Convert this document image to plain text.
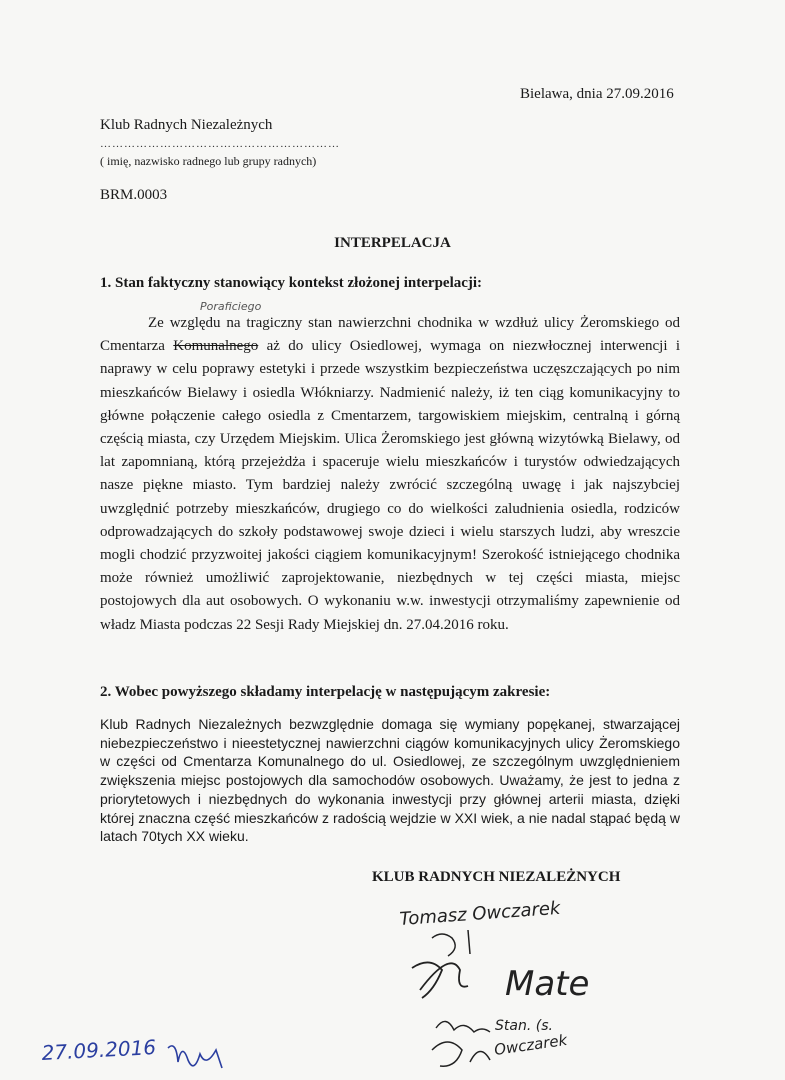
Bielawa, dnia 27.09.2016
Klub Radnych Niezależnych
……………………………………………………
( imię, nazwisko radnego lub grupy radnych)
BRM.0003
INTERPELACJA
1. Stan faktyczny stanowiący kontekst złożonej interpelacji:
Poraficiego
Ze względu na tragiczny stan nawierzchni chodnika w wzdłuż ulicy Żeromskiego od Cmentarza Komunalnego aż do ulicy Osiedlowej, wymaga on niezwłocznej interwencji i naprawy w celu poprawy estetyki i przede wszystkim bezpieczeństwa uczęszczających po nim mieszkańców Bielawy i osiedla Włókniarzy. Nadmienić należy, iż ten ciąg komunikacyjny to główne połączenie całego osiedla z Cmentarzem, targowiskiem miejskim, centralną i górną częścią miasta, czy Urzędem Miejskim. Ulica Żeromskiego jest główną wizytówką Bielawy, od lat zapomnianą, którą przejeżdża i spaceruje wielu mieszkańców i turystów odwiedzających nasze piękne miasto. Tym bardziej należy zwrócić szczególną uwagę i jak najszybciej uwzględnić potrzeby mieszkańców, drugiego co do wielkości zaludnienia osiedla, rodziców odprowadzających do szkoły podstawowej swoje dzieci i wielu starszych ludzi, aby wreszcie mogli chodzić przyzwoitej jakości ciągiem komunikacyjnym! Szerokość istniejącego chodnika może również umożliwić zaprojektowanie, niezbędnych w tej części miasta, miejsc postojowych dla aut osobowych. O wykonaniu w.w. inwestycji otrzymaliśmy zapewnienie od władz Miasta podczas 22 Sesji Rady Miejskiej dn. 27.04.2016 roku.
2. Wobec powyższego składamy interpelację w następującym zakresie:
Klub Radnych Niezależnych bezwzględnie domaga się wymiany popękanej, stwarzającej niebezpieczeństwo i nieestetycznej nawierzchni ciągów komunikacyjnych ulicy Żeromskiego w części od Cmentarza Komunalnego do ul. Osiedlowej, ze szczególnym uwzględnieniem zwiększenia miejsc postojowych dla samochodów osobowych. Uważamy, że jest to jedna z priorytetowych i niezbędnych do wykonania inwestycji przy głównej arterii miasta, dzięki której znaczna część mieszkańców z radością wejdzie w XXI wiek, a nie nadal stąpać będą w latach 70tych XX wieku.
KLUB RADNYCH NIEZALEŻNYCH
Tomasz Owczarek
Mate
Stan. (s.
Owczarek
27.09.2016
